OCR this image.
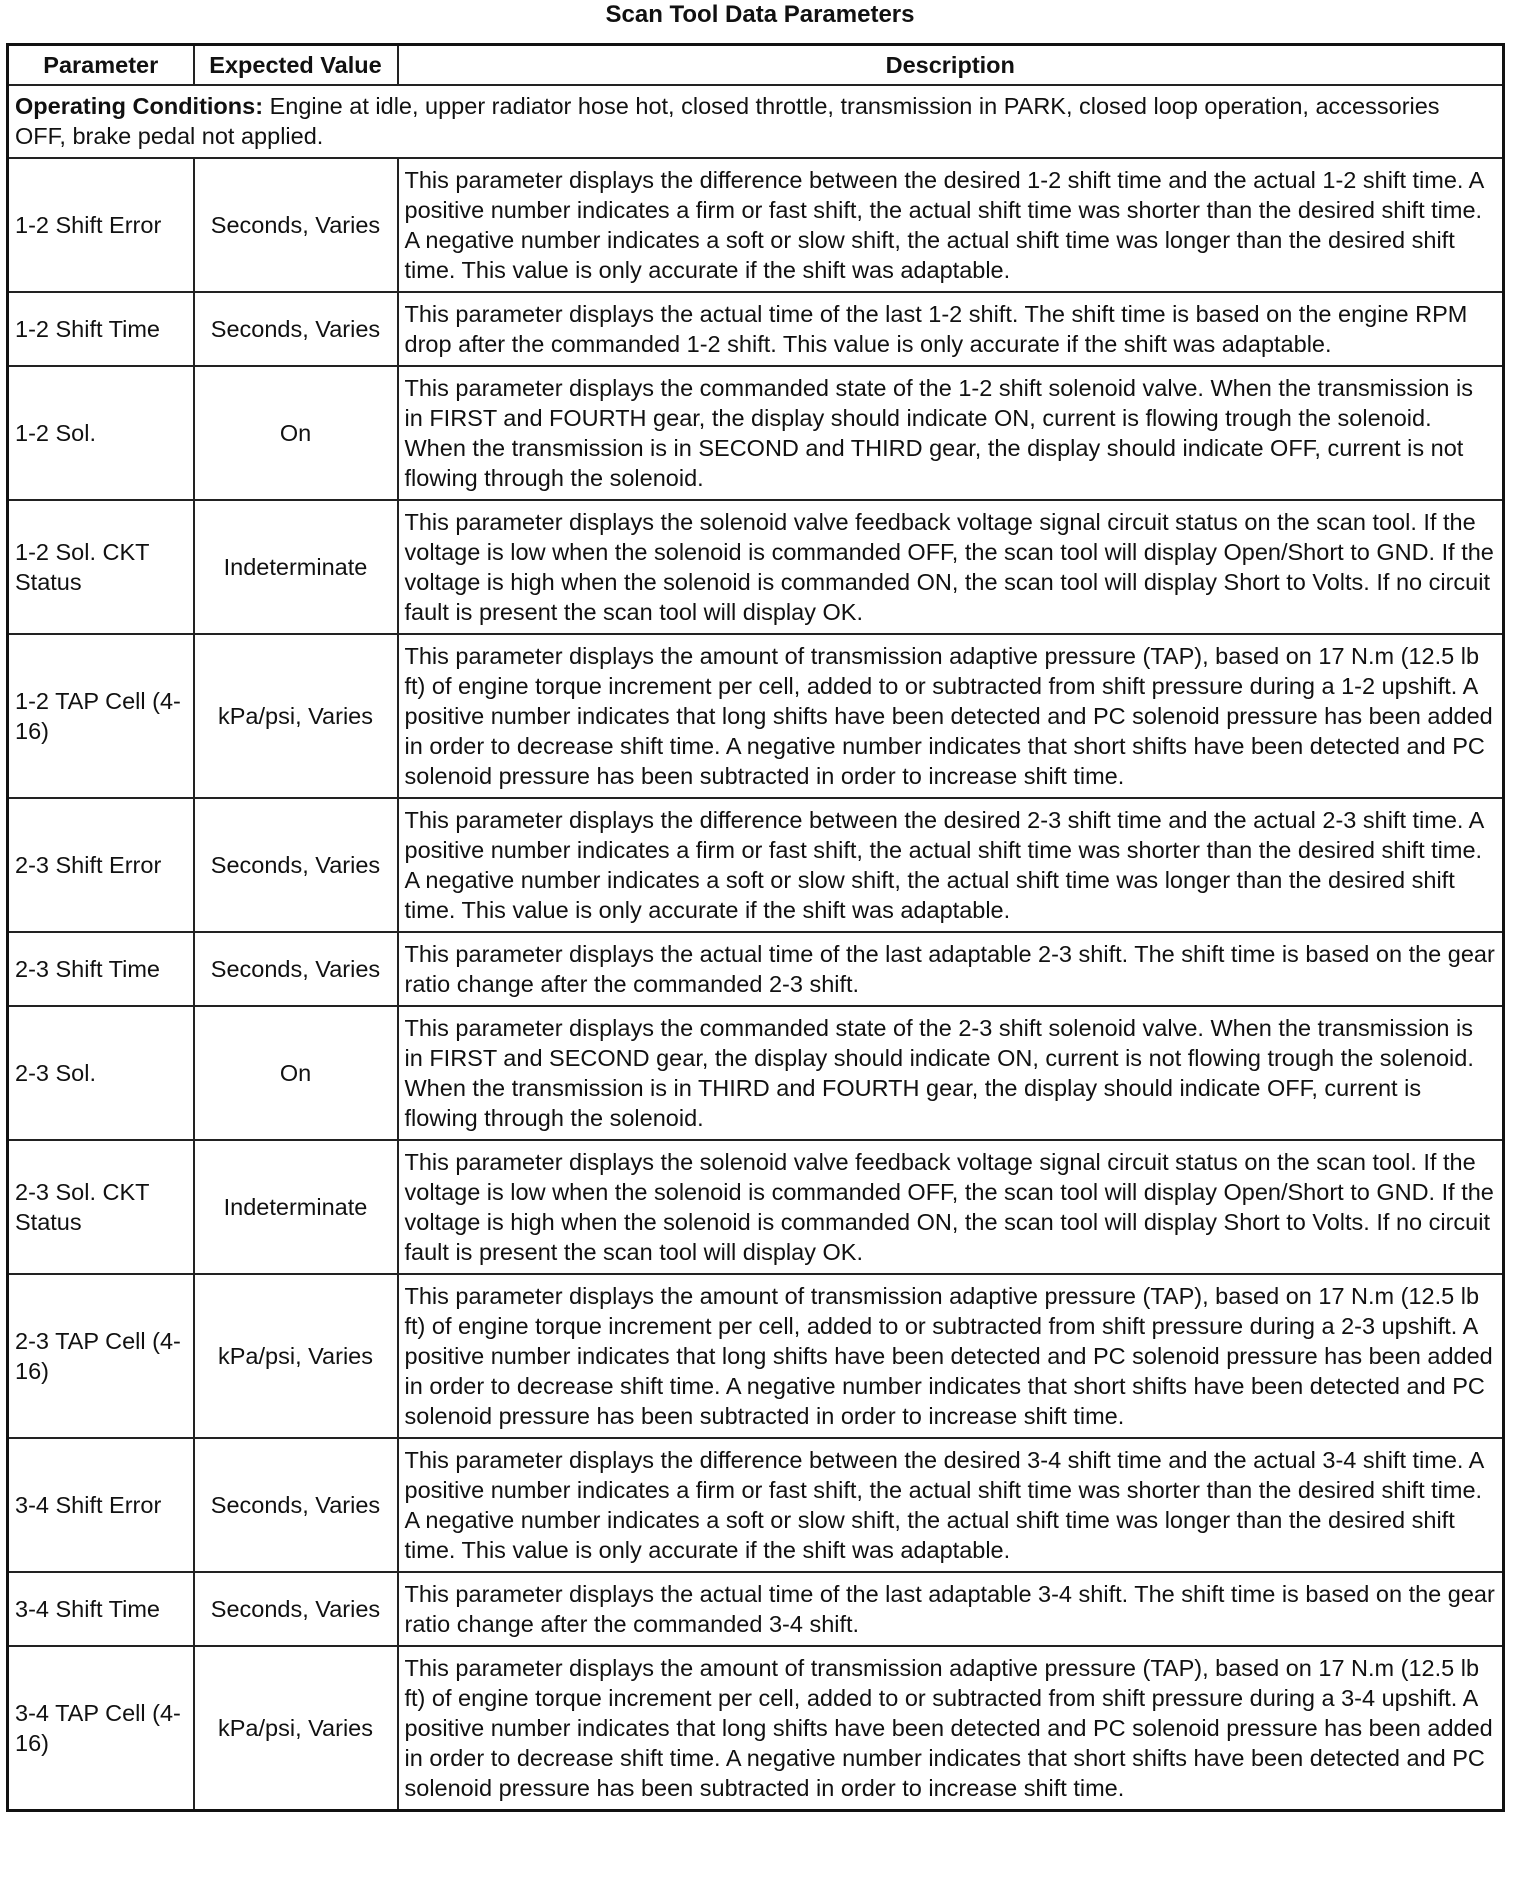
Scan Tool Data Parameters
Parameter	Expected Value	Description
Operating Conditions: Engine at idle, upper radiator hose hot, closed throttle, transmission in PARK, closed loop operation, accessories OFF, brake pedal not applied.		
1-2 Shift Error	Seconds, Varies	This parameter displays the difference between the desired 1-2 shift time and the actual 1-2 shift time. A positive number indicates a firm or fast shift, the actual shift time was shorter than the desired shift time. A negative number indicates a soft or slow shift, the actual shift time was longer than the desired shift time. This value is only accurate if the shift was adaptable.
1-2 Shift Time	Seconds, Varies	This parameter displays the actual time of the last 1-2 shift. The shift time is based on the engine RPM drop after the commanded 1-2 shift. This value is only accurate if the shift was adaptable.
1-2 Sol.	On	This parameter displays the commanded state of the 1-2 shift solenoid valve. When the transmission is in FIRST and FOURTH gear, the display should indicate ON, current is flowing trough the solenoid. When the transmission is in SECOND and THIRD gear, the display should indicate OFF, current is not flowing through the solenoid.
1-2 Sol. CKT Status	Indeterminate	This parameter displays the solenoid valve feedback voltage signal circuit status on the scan tool. If the voltage is low when the solenoid is commanded OFF, the scan tool will display Open/Short to GND. If the voltage is high when the solenoid is commanded ON, the scan tool will display Short to Volts. If no circuit fault is present the scan tool will display OK.
1-2 TAP Cell (4-16)	kPa/psi, Varies	This parameter displays the amount of transmission adaptive pressure (TAP), based on 17 N.m (12.5 lb ft) of engine torque increment per cell, added to or subtracted from shift pressure during a 1-2 upshift. A positive number indicates that long shifts have been detected and PC solenoid pressure has been added in order to decrease shift time. A negative number indicates that short shifts have been detected and PC solenoid pressure has been subtracted in order to increase shift time.
2-3 Shift Error	Seconds, Varies	This parameter displays the difference between the desired 2-3 shift time and the actual 2-3 shift time. A positive number indicates a firm or fast shift, the actual shift time was shorter than the desired shift time. A negative number indicates a soft or slow shift, the actual shift time was longer than the desired shift time. This value is only accurate if the shift was adaptable.
2-3 Shift Time	Seconds, Varies	This parameter displays the actual time of the last adaptable 2-3 shift. The shift time is based on the gear ratio change after the commanded 2-3 shift.
2-3 Sol.	On	This parameter displays the commanded state of the 2-3 shift solenoid valve. When the transmission is in FIRST and SECOND gear, the display should indicate ON, current is not flowing trough the solenoid. When the transmission is in THIRD and FOURTH gear, the display should indicate OFF, current is flowing through the solenoid.
2-3 Sol. CKT Status	Indeterminate	This parameter displays the solenoid valve feedback voltage signal circuit status on the scan tool. If the voltage is low when the solenoid is commanded OFF, the scan tool will display Open/Short to GND. If the voltage is high when the solenoid is commanded ON, the scan tool will display Short to Volts. If no circuit fault is present the scan tool will display OK.
2-3 TAP Cell (4-16)	kPa/psi, Varies	This parameter displays the amount of transmission adaptive pressure (TAP), based on 17 N.m (12.5 lb ft) of engine torque increment per cell, added to or subtracted from shift pressure during a 2-3 upshift. A positive number indicates that long shifts have been detected and PC solenoid pressure has been added in order to decrease shift time. A negative number indicates that short shifts have been detected and PC solenoid pressure has been subtracted in order to increase shift time.
3-4 Shift Error	Seconds, Varies	This parameter displays the difference between the desired 3-4 shift time and the actual 3-4 shift time. A positive number indicates a firm or fast shift, the actual shift time was shorter than the desired shift time. A negative number indicates a soft or slow shift, the actual shift time was longer than the desired shift time. This value is only accurate if the shift was adaptable.
3-4 Shift Time	Seconds, Varies	This parameter displays the actual time of the last adaptable 3-4 shift. The shift time is based on the gear ratio change after the commanded 3-4 shift.
3-4 TAP Cell (4-16)	kPa/psi, Varies	This parameter displays the amount of transmission adaptive pressure (TAP), based on 17 N.m (12.5 lb ft) of engine torque increment per cell, added to or subtracted from shift pressure during a 3-4 upshift. A positive number indicates that long shifts have been detected and PC solenoid pressure has been added in order to decrease shift time. A negative number indicates that short shifts have been detected and PC solenoid pressure has been subtracted in order to increase shift time.
